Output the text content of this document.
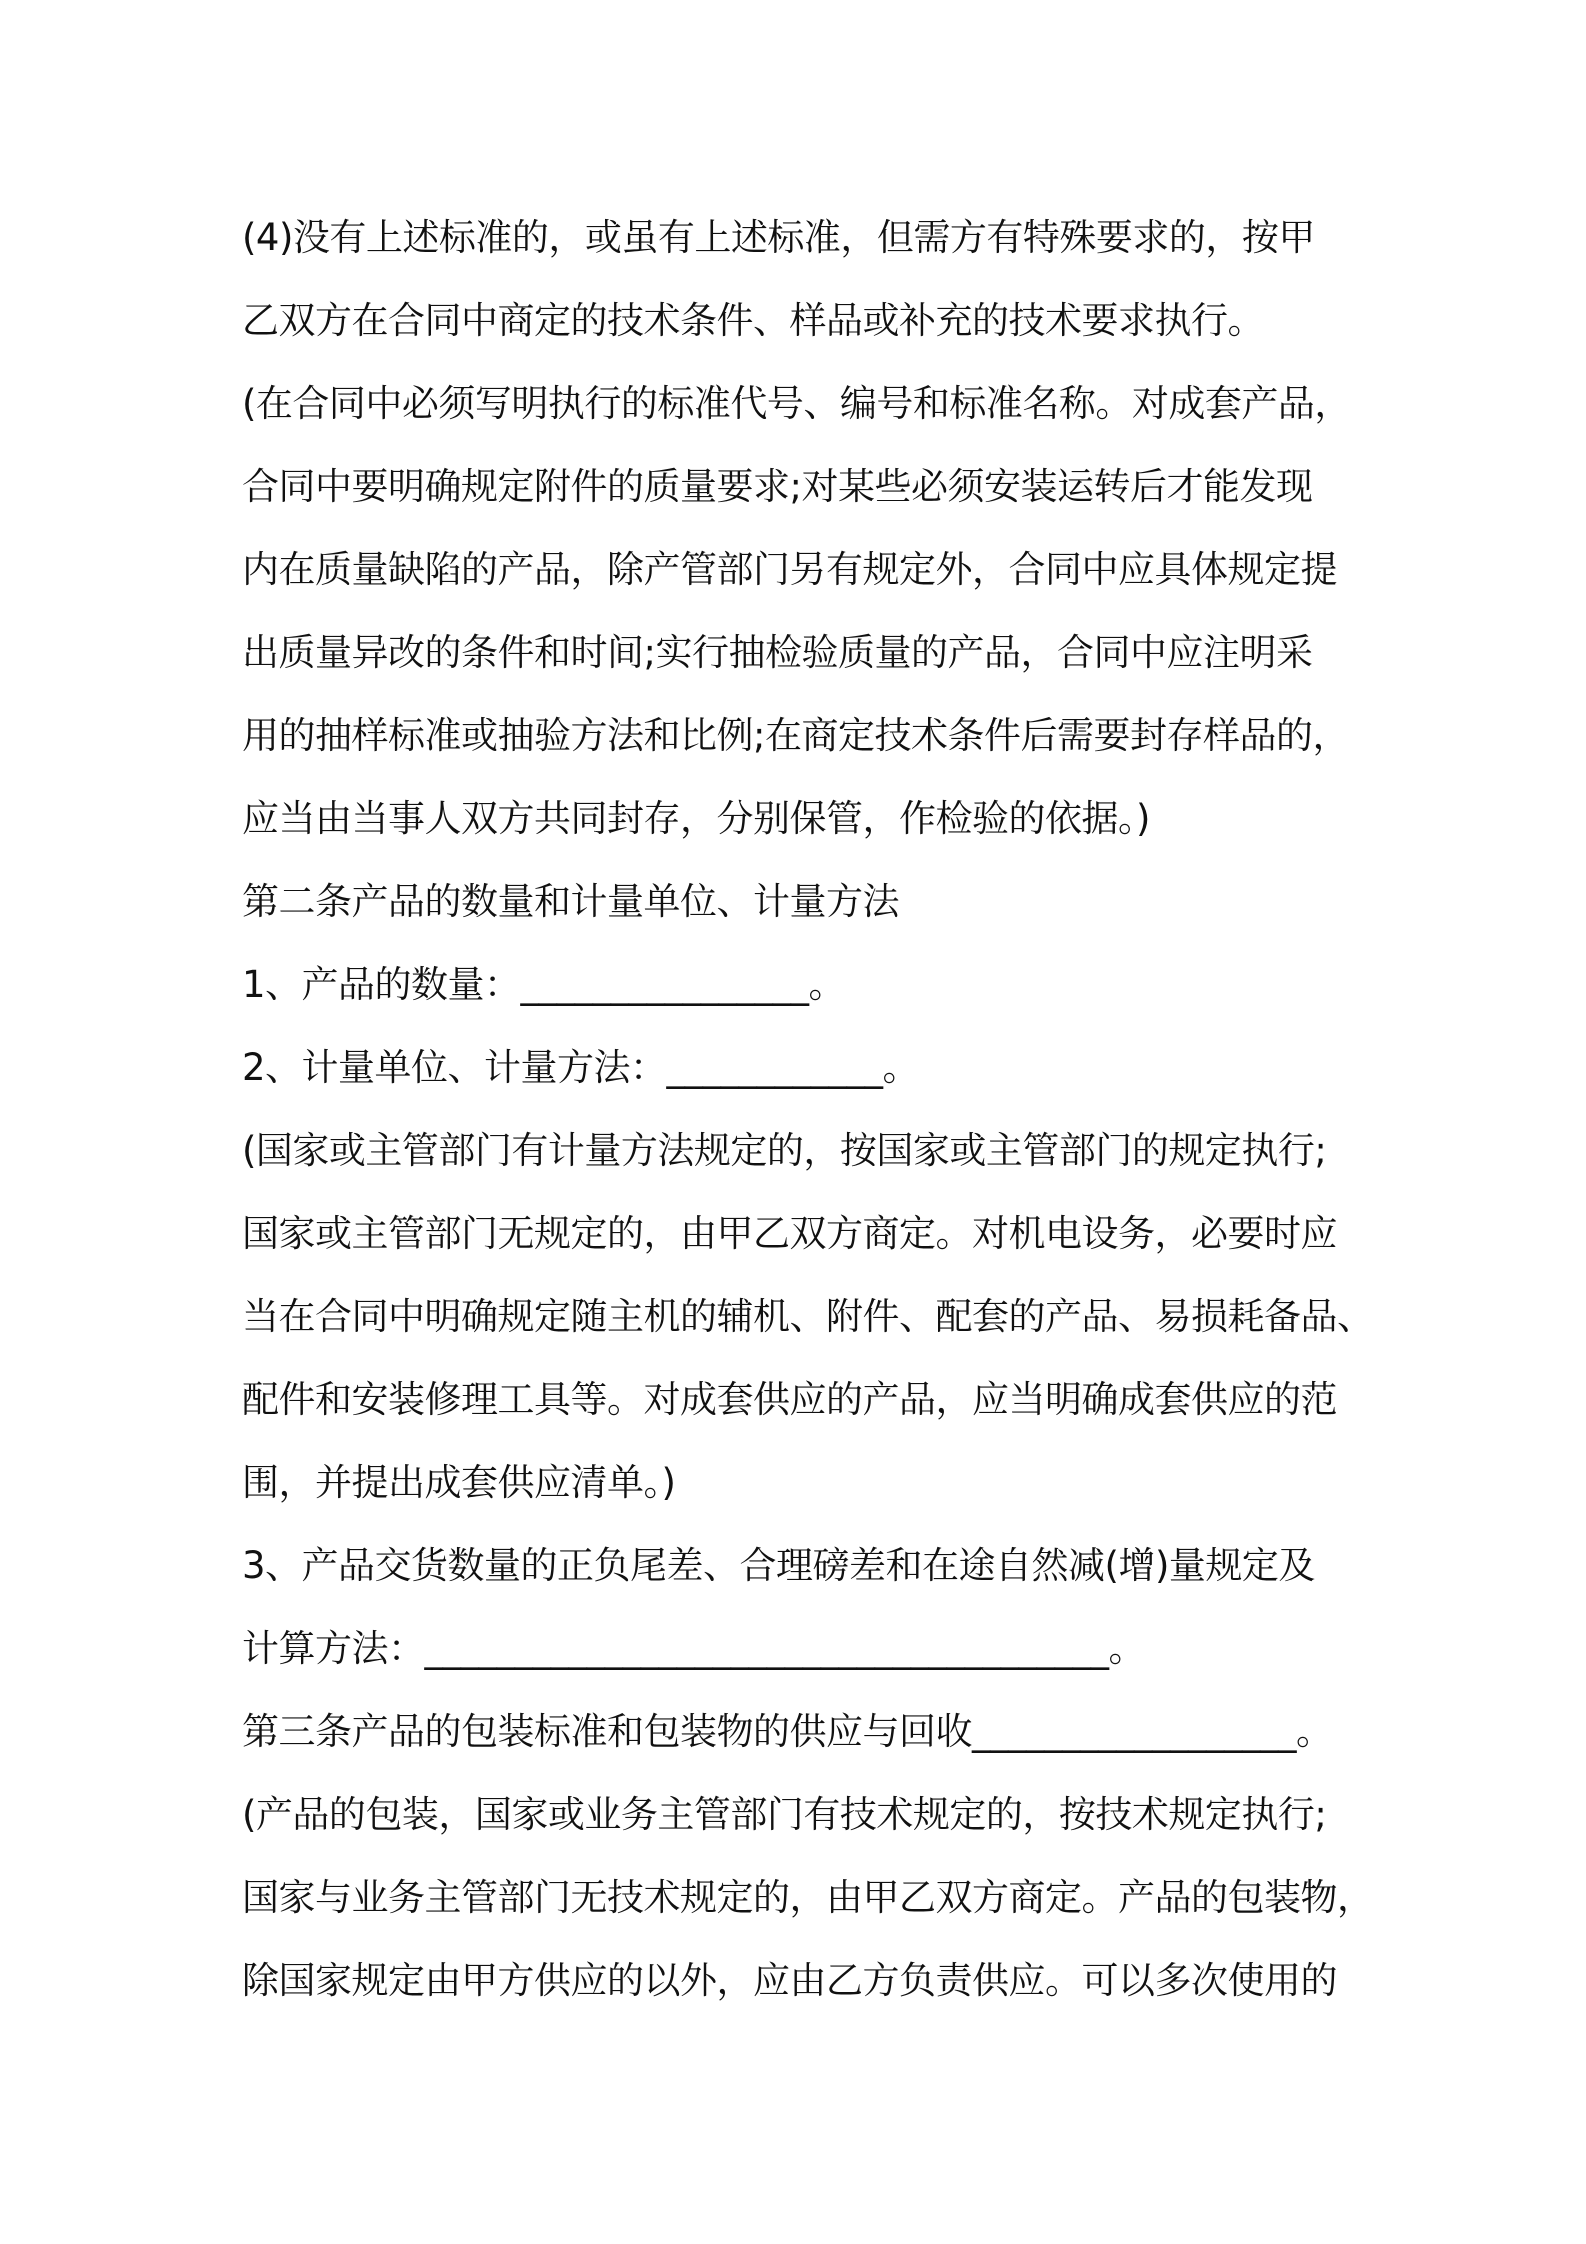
(4)没有上述标准的，或虽有上述标准，但需方有特殊要求的，按甲
乙双方在合同中商定的技术条件、样品或补充的技术要求执行。
(在合同中必须写明执行的标准代号、编号和标准名称。对成套产品，
合同中要明确规定附件的质量要求;对某些必须安装运转后才能发现
内在质量缺陷的产品，除产管部门另有规定外，合同中应具体规定提
出质量异改的条件和时间;实行抽检验质量的产品，合同中应注明采
用的抽样标准或抽验方法和比例;在商定技术条件后需要封存样品的，
应当由当事人双方共同封存，分别保管，作检验的依据。)
第二条产品的数量和计量单位、计量方法
1、产品的数量：________________。
2、计量单位、计量方法：____________。
(国家或主管部门有计量方法规定的，按国家或主管部门的规定执行;
国家或主管部门无规定的，由甲乙双方商定。对机电设务，必要时应
当在合同中明确规定随主机的辅机、附件、配套的产品、易损耗备品、
配件和安装修理工具等。对成套供应的产品，应当明确成套供应的范
围，并提出成套供应清单。)
3、产品交货数量的正负尾差、合理磅差和在途自然减(增)量规定及
计算方法：______________________________________。
第三条产品的包装标准和包装物的供应与回收__________________。
(产品的包装，国家或业务主管部门有技术规定的，按技术规定执行;
国家与业务主管部门无技术规定的，由甲乙双方商定。产品的包装物，
除国家规定由甲方供应的以外，应由乙方负责供应。可以多次使用的
